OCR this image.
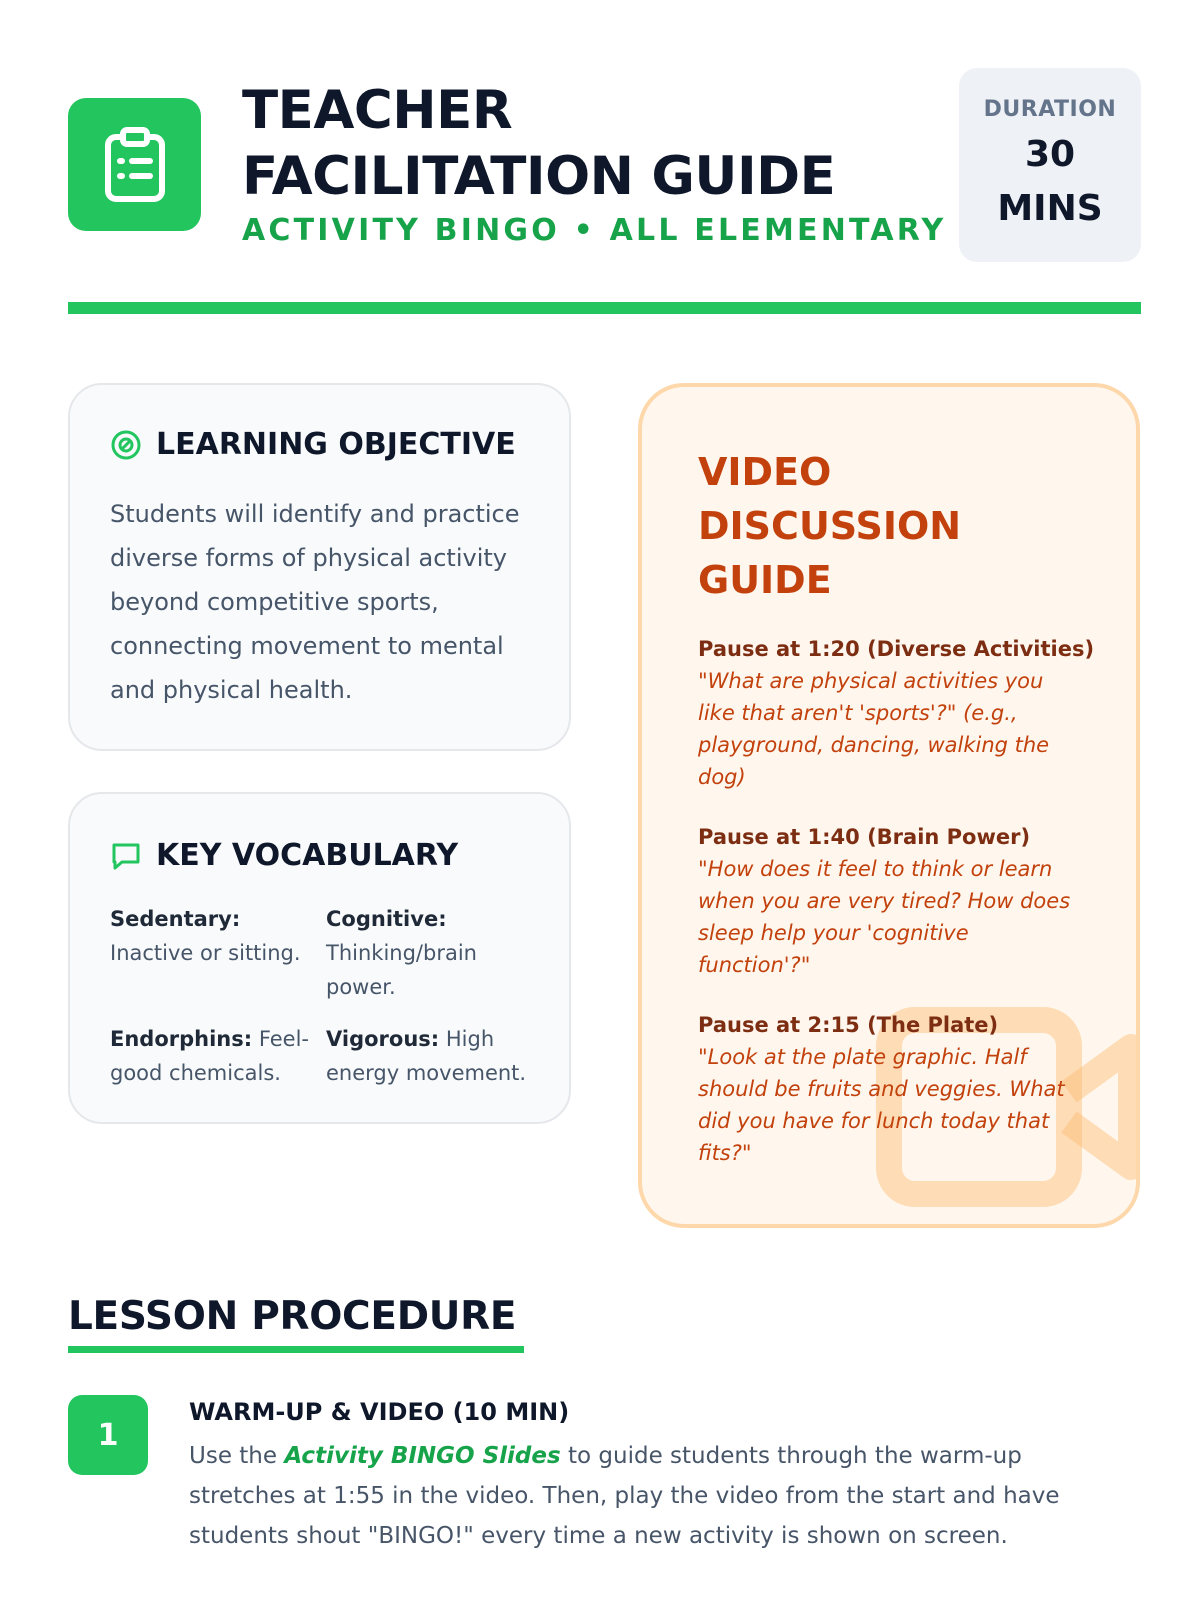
TEACHER
FACILITATION GUIDE
ACTIVITY BINGO • ALL ELEMENTARY
DURATION
30 MINS
LEARNING OBJECTIVE

Students will identify and practice diverse forms of physical activity beyond competitive sports, connecting movement to mental and physical health.

KEY VOCABULARY
Sedentary:
Inactive or sitting.
Cognitive:
Thinking/brain power.
Endorphins: Feel-good chemicals.
Vigorous: High energy movement.
VIDEO
DISCUSSION
GUIDE
Pause at 1:20 (Diverse Activities)
"What are physical activities you like that aren't 'sports'?" (e.g., playground, dancing, walking the dog)
Pause at 1:40 (Brain Power)
"How does it feel to think or learn when you are very tired? How does sleep help your 'cognitive function'?"
Pause at 2:15 (The Plate)
"Look at the plate graphic. Half should be fruits and veggies. What did you have for lunch today that fits?"
LESSON PROCEDURE
1
WARM-UP & VIDEO (10 MIN)

Use the Activity BINGO Slides to guide students through the warm-up stretches at 1:55 in the video. Then, play the video from the start and have students shout "BINGO!" every time a new activity is shown on screen.
